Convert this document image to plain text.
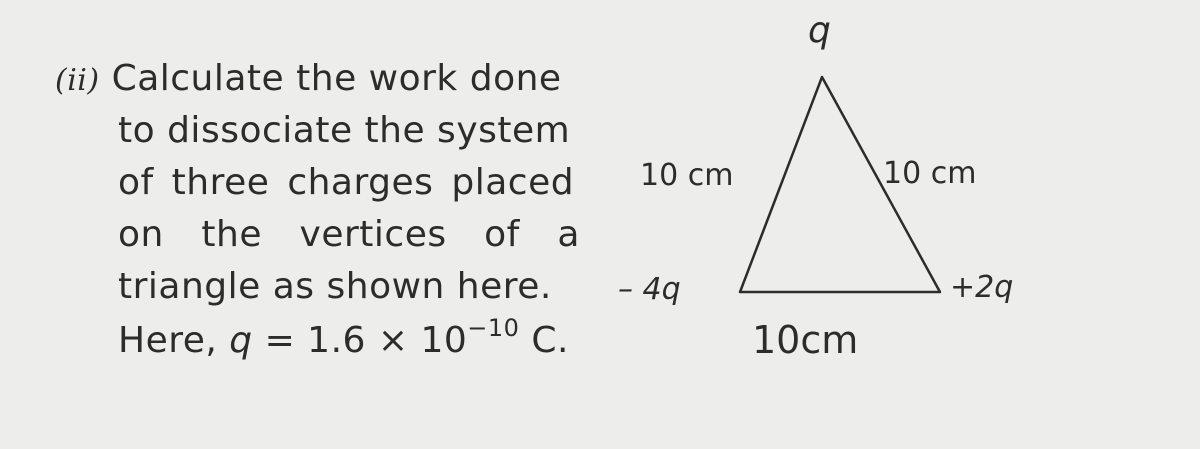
(ii) Calculate the work done
to dissociate the system
of three charges placed
on the vertices of a
triangle as shown here.
Here, $q = 1.6 \times 10^{-10}$ C.
q
10 cm	10 cm
– 4q	+2q
10cm
